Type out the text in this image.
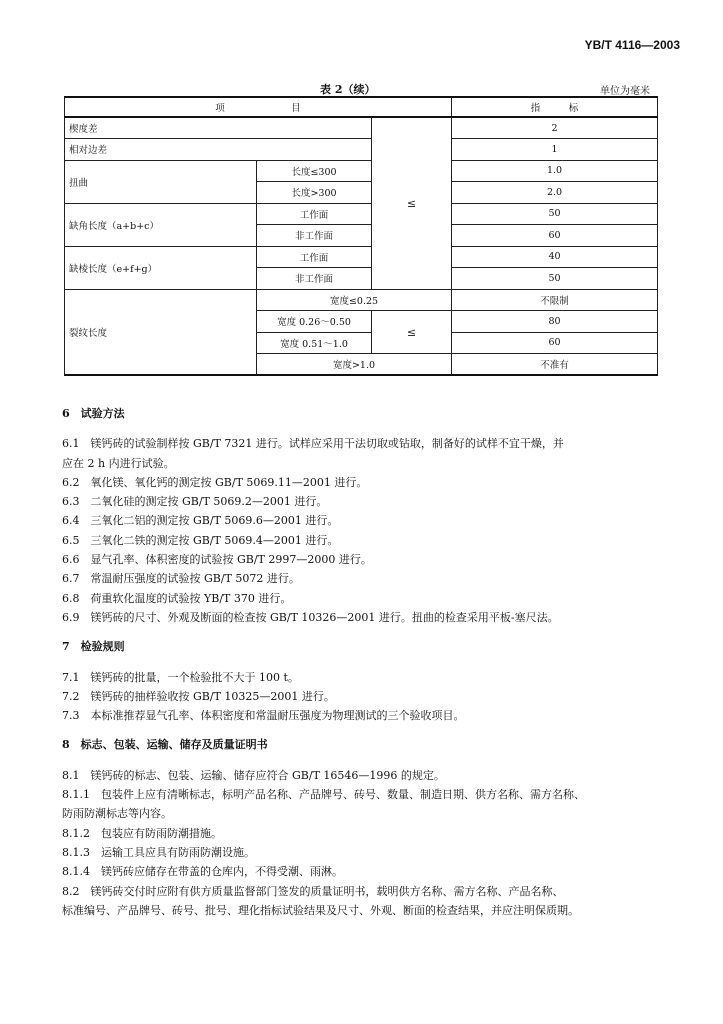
YB/T 4116—2003
表 2（续）	单位为毫米
项　　　　　　　目			指　　　标
楔度差		≤	2
相对边差			1
扭曲	长度≤300		1.0
	长度>300		2.0
缺角长度（a+b+c）	工作面		50
	非工作面		60
缺棱长度（e+f+g）	工作面		40
	非工作面		50
裂纹长度	宽度≤0.25		不限制
	宽度 0.26～0.50	≤	80
	宽度 0.51～1.0		60
	宽度>1.0		不准有

6　试验方法

6.1　镁钙砖的试验制样按 GB/T 7321 进行。试样应采用干法切取或钻取，制备好的试样不宜干燥，并

应在 2 h 内进行试验。

6.2　氧化镁、氧化钙的测定按 GB/T 5069.11—2001 进行。

6.3　二氧化硅的测定按 GB/T 5069.2—2001 进行。

6.4　三氧化二铝的测定按 GB/T 5069.6—2001 进行。

6.5　三氧化二铁的测定按 GB/T 5069.4—2001 进行。

6.6　显气孔率、体积密度的试验按 GB/T 2997—2000 进行。

6.7　常温耐压强度的试验按 GB/T 5072 进行。

6.8　荷重软化温度的试验按 YB/T 370 进行。

6.9　镁钙砖的尺寸、外观及断面的检查按 GB/T 10326—2001 进行。扭曲的检查采用平板-塞尺法。

7　检验规则

7.1　镁钙砖的批量，一个检验批不大于 100 t。

7.2　镁钙砖的抽样验收按 GB/T 10325—2001 进行。

7.3　本标准推荐显气孔率、体积密度和常温耐压强度为物理测试的三个验收项目。

8　标志、包装、运输、储存及质量证明书

8.1　镁钙砖的标志、包装、运输、储存应符合 GB/T 16546—1996 的规定。

8.1.1　包装件上应有清晰标志，标明产品名称、产品牌号、砖号、数量、制造日期、供方名称、需方名称、

防雨防潮标志等内容。

8.1.2　包装应有防雨防潮措施。

8.1.3　运输工具应具有防雨防潮设施。

8.1.4　镁钙砖应储存在带盖的仓库内，不得受潮、雨淋。

8.2　镁钙砖交付时应附有供方质量监督部门签发的质量证明书，载明供方名称、需方名称、产品名称、

标准编号、产品牌号、砖号、批号、理化指标试验结果及尺寸、外观、断面的检查结果，并应注明保质期。
